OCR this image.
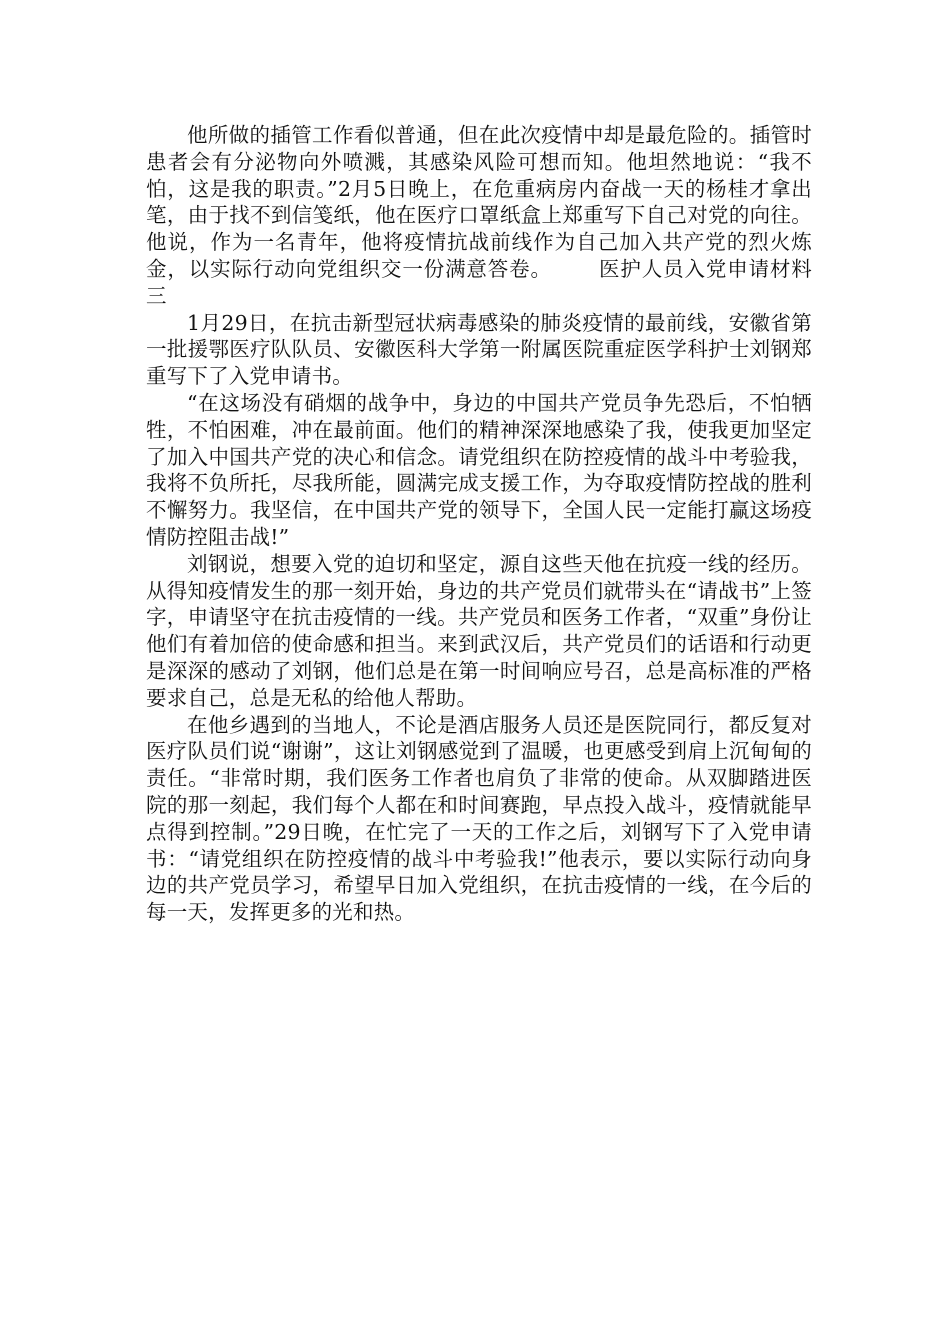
他所做的插管工作看似普通，但在此次疫情中却是最危险的。插管时患者会有分泌物向外喷溅，其感染风险可想而知。他坦然地说：“我不怕，这是我的职责。”2月5日晚上，在危重病房内奋战一天的杨桂才拿出笔，由于找不到信笺纸，他在医疗口罩纸盒上郑重写下自己对党的向往。他说，作为一名青年，他将疫情抗战前线作为自己加入共产党的烈火炼金，以实际行动向党组织交一份满意答卷。 医护人员入党申请材料三

1月29日，在抗击新型冠状病毒感染的肺炎疫情的最前线，安徽省第一批援鄂医疗队队员、安徽医科大学第一附属医院重症医学科护士刘钢郑重写下了入党申请书。

“在这场没有硝烟的战争中，身边的中国共产党员争先恐后，不怕牺牲，不怕困难，冲在最前面。他们的精神深深地感染了我，使我更加坚定了加入中国共产党的决心和信念。请党组织在防控疫情的战斗中考验我，我将不负所托，尽我所能，圆满完成支援工作，为夺取疫情防控战的胜利不懈努力。我坚信，在中国共产党的领导下，全国人民一定能打赢这场疫情防控阻击战!”

刘钢说，想要入党的迫切和坚定，源自这些天他在抗疫一线的经历。从得知疫情发生的那一刻开始，身边的共产党员们就带头在“请战书”上签字，申请坚守在抗击疫情的一线。共产党员和医务工作者，“双重”身份让他们有着加倍的使命感和担当。来到武汉后，共产党员们的话语和行动更是深深的感动了刘钢，他们总是在第一时间响应号召，总是高标准的严格要求自己，总是无私的给他人帮助。

在他乡遇到的当地人，不论是酒店服务人员还是医院同行，都反复对医疗队员们说“谢谢”，这让刘钢感觉到了温暖，也更感受到肩上沉甸甸的责任。“非常时期，我们医务工作者也肩负了非常的使命。从双脚踏进医院的那一刻起，我们每个人都在和时间赛跑，早点投入战斗，疫情就能早点得到控制。”29日晚，在忙完了一天的工作之后，刘钢写下了入党申请书：“请党组织在防控疫情的战斗中考验我!”他表示，要以实际行动向身边的共产党员学习，希望早日加入党组织，在抗击疫情的一线，在今后的每一天，发挥更多的光和热。
